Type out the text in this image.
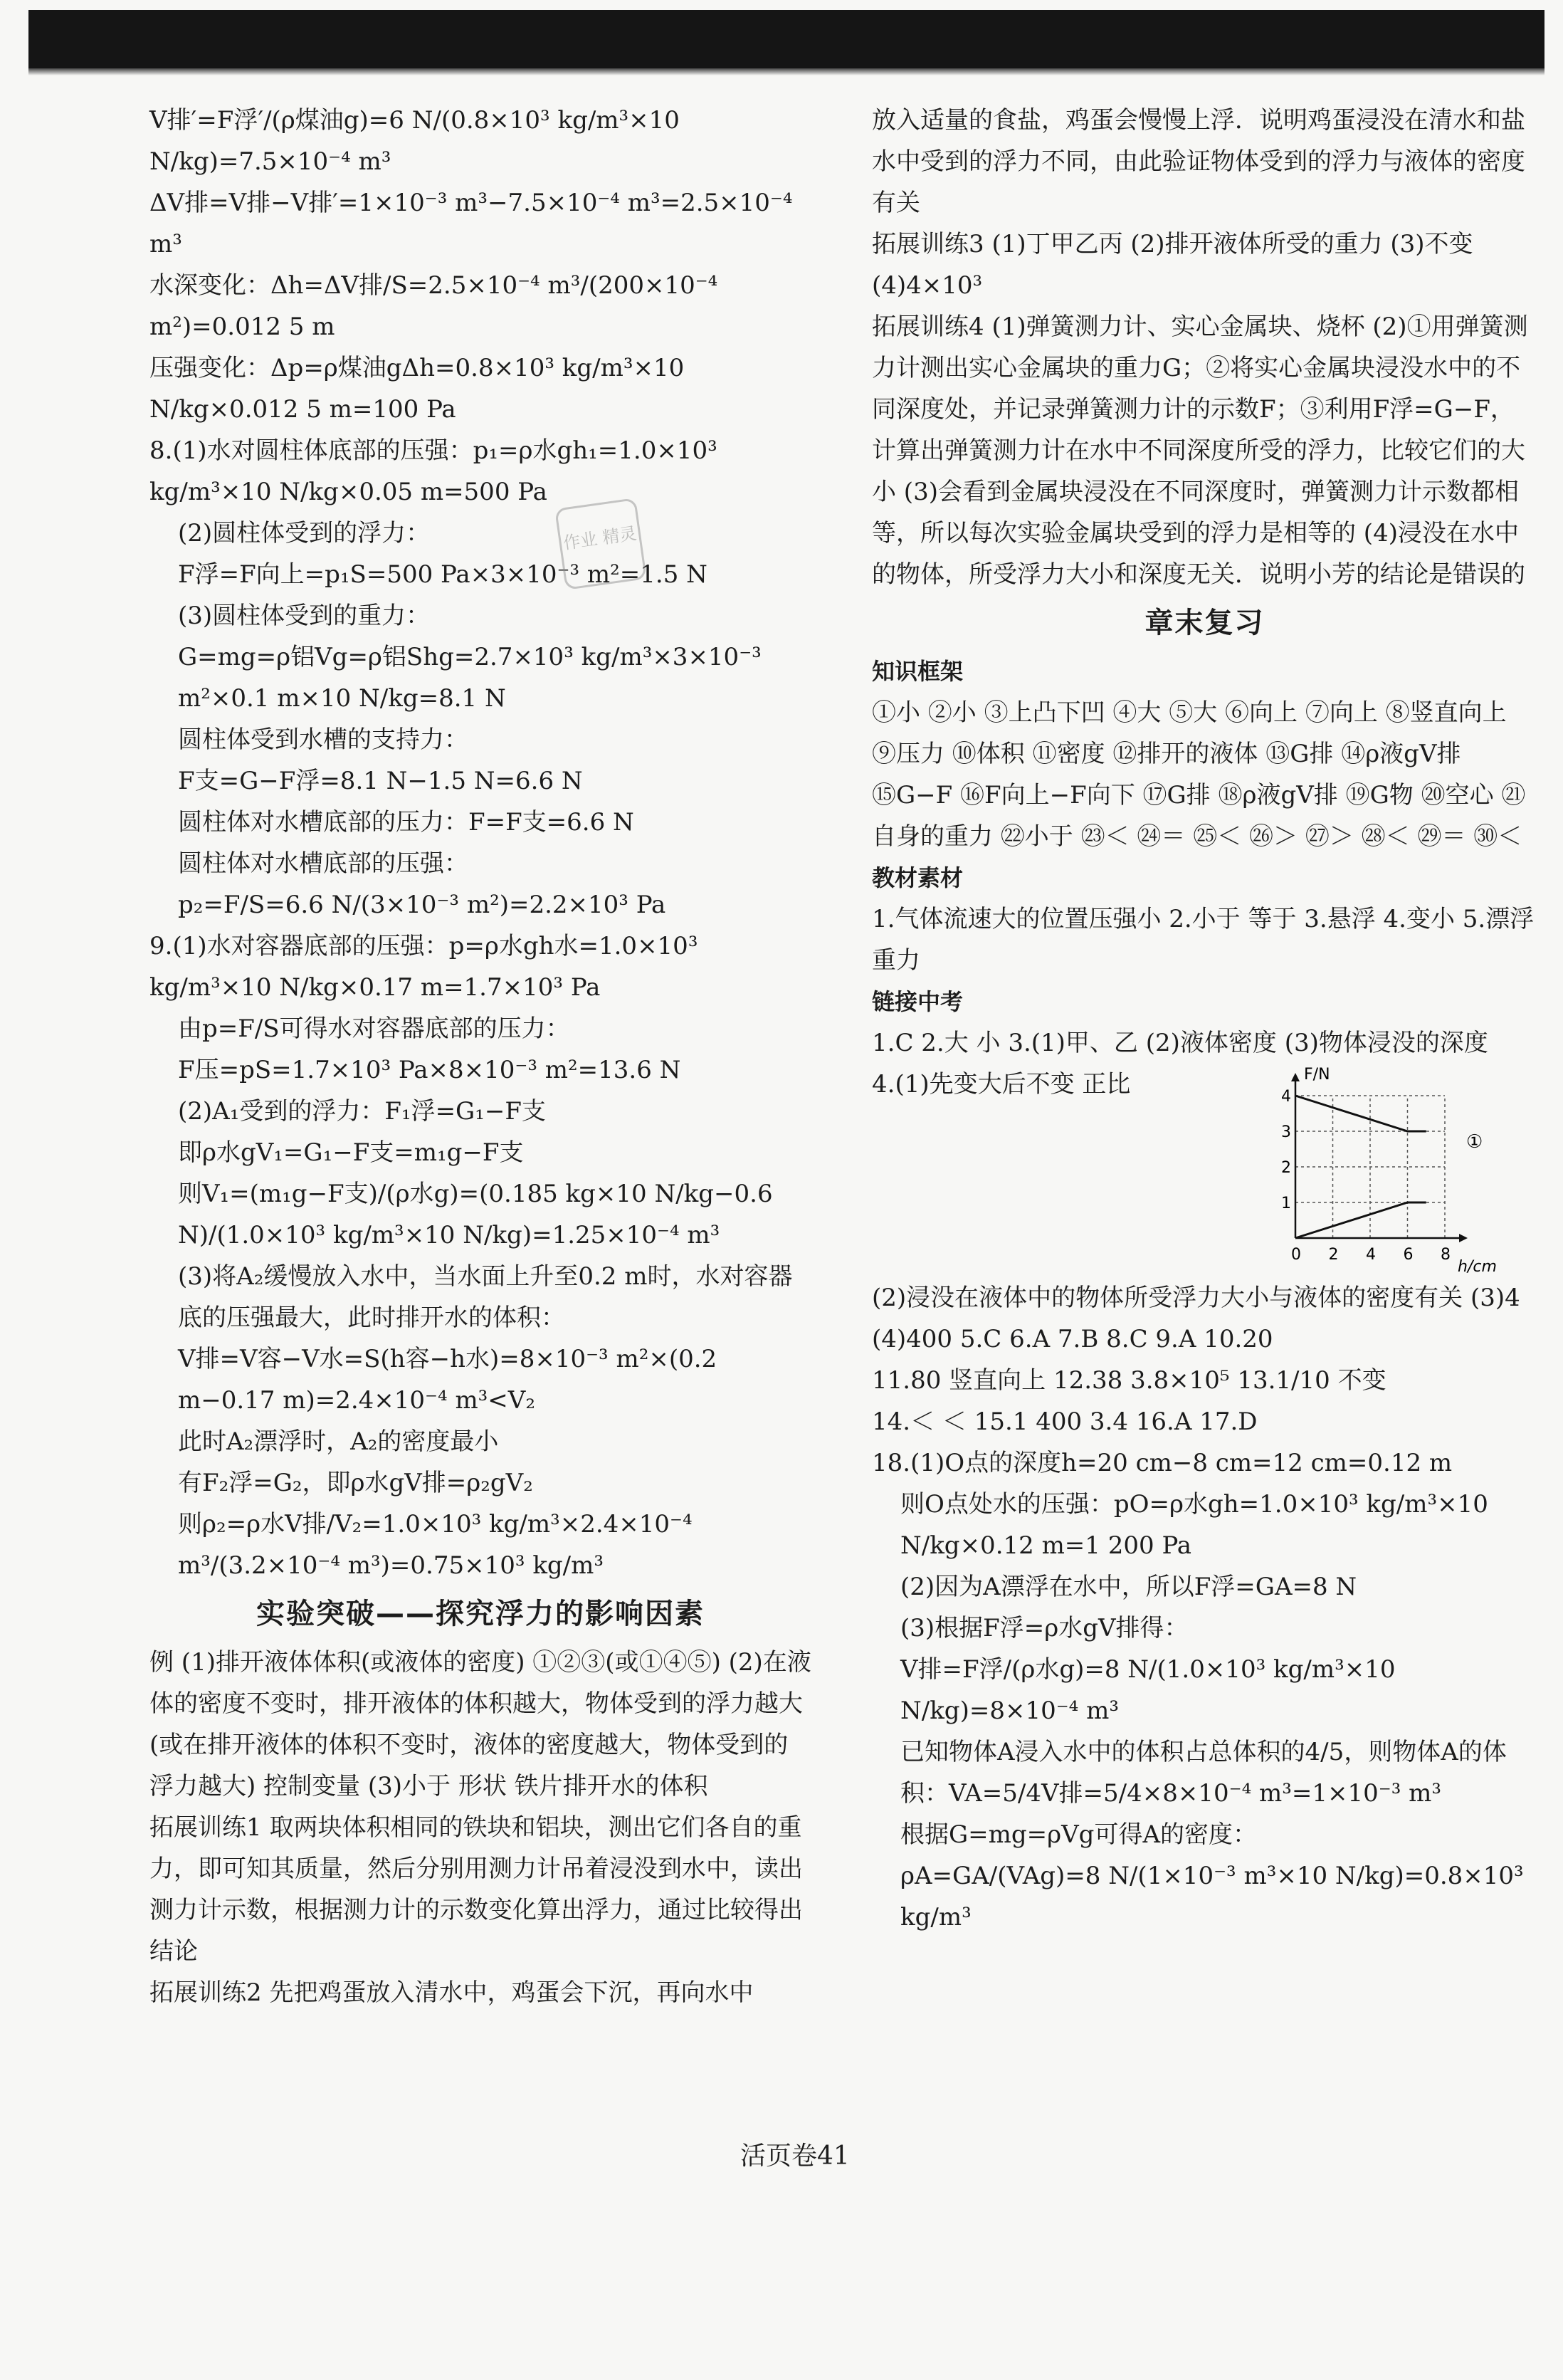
V排′=F浮′/(ρ煤油g)=6 N/(0.8×10³ kg/m³×10 N/kg)=7.5×10⁻⁴ m³

ΔV排=V排−V排′=1×10⁻³ m³−7.5×10⁻⁴ m³=2.5×10⁻⁴ m³

水深变化：Δh=ΔV排/S=2.5×10⁻⁴ m³/(200×10⁻⁴ m²)=0.012 5 m

压强变化：Δp=ρ煤油gΔh=0.8×10³ kg/m³×10 N/kg×0.012 5 m=100 Pa

8.(1)水对圆柱体底部的压强：p₁=ρ水gh₁=1.0×10³ kg/m³×10 N/kg×0.05 m=500 Pa

(2)圆柱体受到的浮力：

F浮=F向上=p₁S=500 Pa×3×10⁻³ m²=1.5 N

(3)圆柱体受到的重力：

G=mg=ρ铝Vg=ρ铝Shg=2.7×10³ kg/m³×3×10⁻³ m²×0.1 m×10 N/kg=8.1 N

圆柱体受到水槽的支持力：

F支=G−F浮=8.1 N−1.5 N=6.6 N

圆柱体对水槽底部的压力：F=F支=6.6 N

圆柱体对水槽底部的压强：

p₂=F/S=6.6 N/(3×10⁻³ m²)=2.2×10³ Pa

9.(1)水对容器底部的压强：p=ρ水gh水=1.0×10³ kg/m³×10 N/kg×0.17 m=1.7×10³ Pa

由p=F/S可得水对容器底部的压力：

F压=pS=1.7×10³ Pa×8×10⁻³ m²=13.6 N

(2)A₁受到的浮力：F₁浮=G₁−F支

即ρ水gV₁=G₁−F支=m₁g−F支

则V₁=(m₁g−F支)/(ρ水g)=(0.185 kg×10 N/kg−0.6 N)/(1.0×10³ kg/m³×10 N/kg)=1.25×10⁻⁴ m³

(3)将A₂缓慢放入水中，当水面上升至0.2 m时，水对容器底的压强最大，此时排开水的体积：

V排=V容−V水=S(h容−h水)=8×10⁻³ m²×(0.2 m−0.17 m)=2.4×10⁻⁴ m³<V₂

此时A₂漂浮时，A₂的密度最小

有F₂浮=G₂，即ρ水gV排=ρ₂gV₂

则ρ₂=ρ水V排/V₂=1.0×10³ kg/m³×2.4×10⁻⁴ m³/(3.2×10⁻⁴ m³)=0.75×10³ kg/m³

实验突破——探究浮力的影响因素

例 (1)排开液体体积(或液体的密度) ①②③(或①④⑤) (2)在液体的密度不变时，排开液体的体积越大，物体受到的浮力越大(或在排开液体的体积不变时，液体的密度越大，物体受到的浮力越大) 控制变量 (3)小于 形状 铁片排开水的体积

拓展训练1 取两块体积相同的铁块和铝块，测出它们各自的重力，即可知其质量，然后分别用测力计吊着浸没到水中，读出测力计示数，根据测力计的示数变化算出浮力，通过比较得出结论

拓展训练2 先把鸡蛋放入清水中，鸡蛋会下沉，再向水中

放入适量的食盐，鸡蛋会慢慢上浮．说明鸡蛋浸没在清水和盐水中受到的浮力不同，由此验证物体受到的浮力与液体的密度有关

拓展训练3 (1)丁甲乙丙 (2)排开液体所受的重力 (3)不变 (4)4×10³

拓展训练4 (1)弹簧测力计、实心金属块、烧杯 (2)①用弹簧测力计测出实心金属块的重力G；②将实心金属块浸没水中的不同深度处，并记录弹簧测力计的示数F；③利用F浮=G−F，计算出弹簧测力计在水中不同深度所受的浮力，比较它们的大小 (3)会看到金属块浸没在不同深度时，弹簧测力计示数都相等，所以每次实验金属块受到的浮力是相等的 (4)浸没在水中的物体，所受浮力大小和深度无关．说明小芳的结论是错误的

章末复习

知识框架

①小 ②小 ③上凸下凹 ④大 ⑤大 ⑥向上 ⑦向上 ⑧竖直向上 ⑨压力 ⑩体积 ⑪密度 ⑫排开的液体 ⑬G排 ⑭ρ液gV排 ⑮G−F ⑯F向上−F向下 ⑰G排 ⑱ρ液gV排 ⑲G物 ⑳空心 ㉑自身的重力 ㉒小于 ㉓＜ ㉔＝ ㉕＜ ㉖＞ ㉗＞ ㉘＜ ㉙＝ ㉚＜

教材素材

1.气体流速大的位置压强小 2.小于 等于 3.悬浮 4.变小 5.漂浮 重力

链接中考

1.C 2.大 小 3.(1)甲、乙 (2)液体密度 (3)物体浸没的深度

4.(1)先变大后不变 正比	F/N
h/cm
①
1
2
3
4
0 2 4 6 8

(2)浸没在液体中的物体所受浮力大小与液体的密度有关 (3)4 (4)400 5.C 6.A 7.B 8.C 9.A 10.20

11.80 竖直向上 12.38 3.8×10⁵ 13.1/10 不变

14.＜ ＜ 15.1 400 3.4 16.A 17.D

18.(1)O点的深度h=20 cm−8 cm=12 cm=0.12 m

则O点处水的压强：pO=ρ水gh=1.0×10³ kg/m³×10 N/kg×0.12 m=1 200 Pa

(2)因为A漂浮在水中，所以F浮=GA=8 N

(3)根据F浮=ρ水gV排得：

V排=F浮/(ρ水g)=8 N/(1.0×10³ kg/m³×10 N/kg)=8×10⁻⁴ m³

已知物体A浸入水中的体积占总体积的4/5，则物体A的体积：VA=5/4V排=5/4×8×10⁻⁴ m³=1×10⁻³ m³

根据G=mg=ρVg可得A的密度：

ρA=GA/(VAg)=8 N/(1×10⁻³ m³×10 N/kg)=0.8×10³ kg/m³

作业 精灵
活页卷41
